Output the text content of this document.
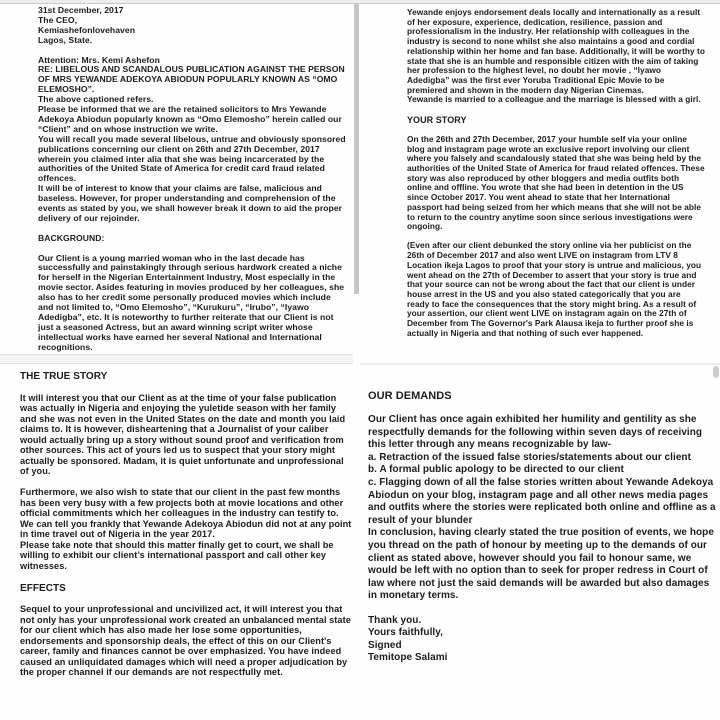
31st December, 2017
The CEO,
Kemiashefonlovehaven
Lagos, State.

Attention: Mrs. Kemi Ashefon

RE: LIBELOUS AND SCANDALOUS PUBLICATION AGAINST THE PERSON OF MRS YEWANDE ADEKOYA ABIODUN POPULARLY KNOWN AS “OMO ELEMOSHO”.

The above captioned refers.

Please be informed that we are the retained solicitors to Mrs Yewande Adekoya Abiodun popularly known as “Omo Elemosho” herein called our “Client” and on whose instruction we write.

You will recall you made several libelous, untrue and obviously sponsored publications concerning our client on 26th and 27th December, 2017 wherein you claimed inter alia that she was being incarcerated by the authorities of the United State of America for credit card fraud related offences.

It will be of interest to know that your claims are false, malicious and baseless. However, for proper understanding and comprehension of the events as stated by you, we shall however break it down to aid the proper delivery of our rejoinder.

BACKGROUND:

Our Client is a young married woman who in the last decade has successfully and painstakingly through serious hardwork created a niche for herself in the Nigerian Entertainment Industry, Most especially in the movie sector. Asides featuring in movies produced by her colleagues, she also has to her credit some personally produced movies which include and not limited to, “Omo Elemosho”, “Kurukuru”, “Irubo”, “Iyawo Adedigba”, etc. It is noteworthy to further reiterate that our Client is not just a seasoned Actress, but an award winning script writer whose intellectual works have earned her several National and International recognitions.

THE TRUE STORY

It will interest you that our Client as at the time of your false publication was actually in Nigeria and enjoying the yuletide season with her family and she was not even in the United States on the date and month you laid claims to. It is however, disheartening that a Journalist of your caliber would actually bring up a story without sound proof and verification from other sources. This act of yours led us to suspect that your story might actually be sponsored. Madam, it is quiet unfortunate and unprofessional of you.

Furthermore, we also wish to state that our client in the past few months has been very busy with a few projects both at movie locations and other official commitments which her colleagues in the industry can testify to. We can tell you frankly that Yewande Adekoya Abiodun did not at any point in time travel out of Nigeria in the year 2017.

Please take note that should this matter finally get to court, we shall be willing to exhibit our client’s international passport and call other key witnesses.

EFFECTS

Sequel to your unprofessional and uncivilized act, it will interest you that not only has your unprofessional work created an unbalanced mental state for our client which has also made her lose some opportunities, endorsements and sponsorship deals, the effect of this on our Client's career, family and finances cannot be over emphasized. You have indeed caused an unliquidated damages which will need a proper adjudication by the proper channel if our demands are not respectfully met.

Yewande enjoys endorsement deals locally and internationally as a result of her exposure, experience, dedication, resilience, passion and professionalism in the industry. Her relationship with colleagues in the industry is second to none whilst she also maintains a good and cordial relationship within her home and fan base. Additionally, it will be worthy to state that she is an humble and responsible citizen with the aim of taking her profession to the highest level, no doubt her movie , “Iyawo Adedigba” was the first ever Yoruba Traditional Epic Movie to be premiered and shown in the modern day Nigerian Cinemas.

Yewande is married to a colleague and the marriage is blessed with a girl.

YOUR STORY

On the 26th and 27th December, 2017 your humble self via your online blog and instagram page wrote an exclusive report involving our client where you falsely and scandalously stated that she was being held by the authorities of the United State of America for fraud related offences. These story was also reproduced by other bloggers and media outfits both online and offline. You wrote that she had been in detention in the US since October 2017. You went ahead to state that her International passport had being seized from her which means that she will not be able to return to the country anytime soon since serious investigations were ongoing.

(Even after our client debunked the story online via her publicist on the 26th of December 2017 and also went LIVE on instagram from LTV 8 Location ikeja Lagos to proof that your story is untrue and malicious, you went ahead on the 27th of December to assert that your story is true and that your source can not be wrong about the fact that our client is under house arrest in the US and you also stated categorically that you are ready to face the consequences that the story might bring. As a result of your assertion, our client went LIVE on instagram again on the 27th of December from The Governor's Park Alausa ikeja to further proof she is actually in Nigeria and that nothing of such ever happened.

OUR DEMANDS

Our Client has once again exhibited her humility and gentility as she respectfully demands for the following within seven days of receiving this letter through any means recognizable by law-

a. Retraction of the issued false stories/statements about our client

b. A formal public apology to be directed to our client

c. Flagging down of all the false stories written about Yewande Adekoya Abiodun on your blog, instagram page and all other news media pages and outfits where the stories were replicated both online and offline as a result of your blunder

In conclusion, having clearly stated the true position of events, we hope you thread on the path of honour by meeting up to the demands of our client as stated above, however should you fail to honour same, we would be left with no option than to seek for proper redress in Court of law where not just the said demands will be awarded but also damages in monetary terms.

Thank you.

Yours faithfully,

Signed

Temitope Salami
